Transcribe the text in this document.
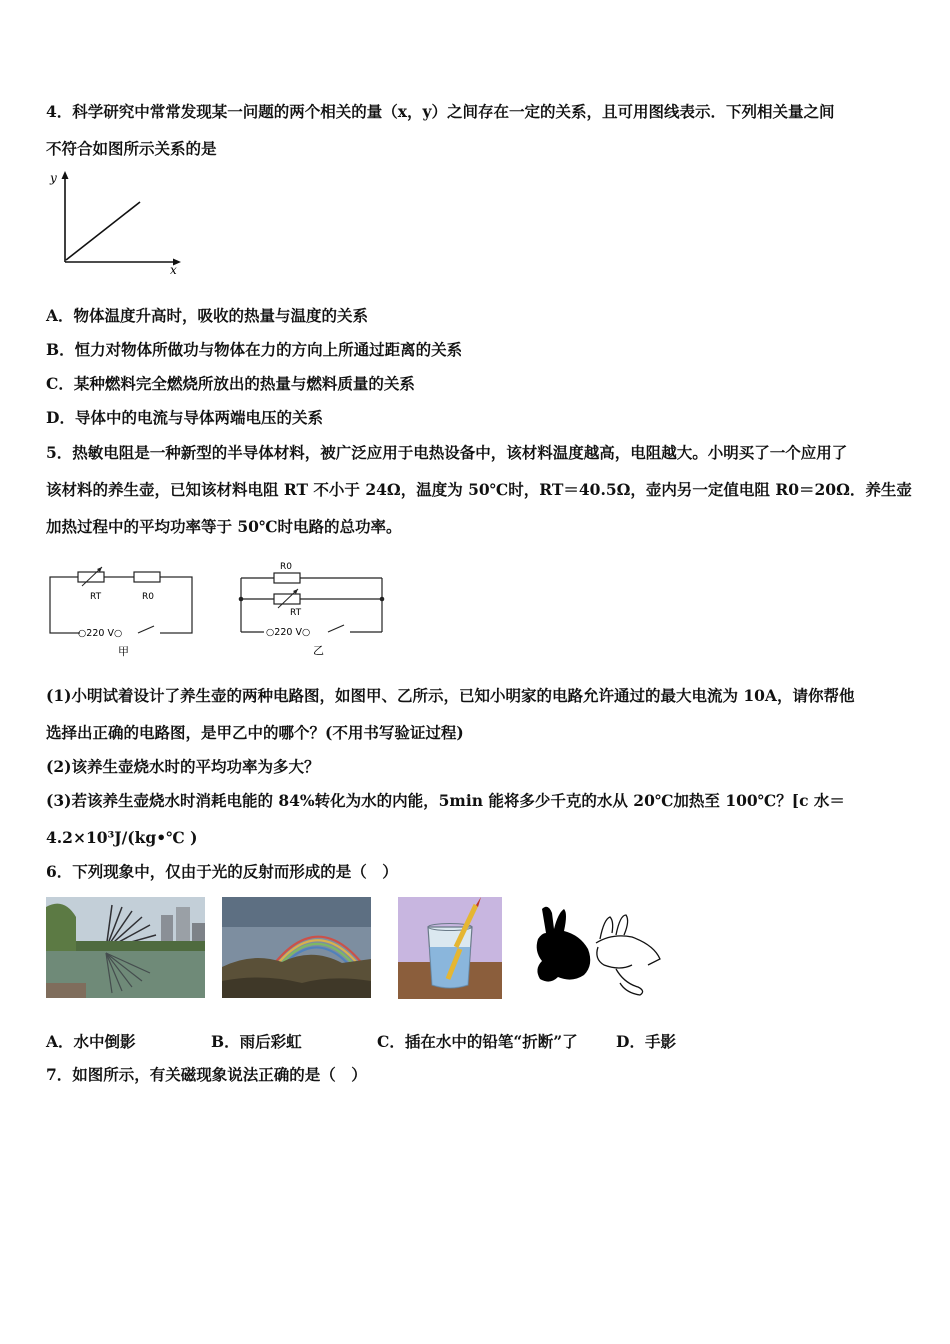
4．科学研究中常常发现某一问题的两个相关的量（x，y）之间存在一定的关系，且可用图线表示．下列相关量之间
不符合如图所示关系的是
y
x
A．物体温度升高时，吸收的热量与温度的关系
B．恒力对物体所做功与物体在力的方向上所通过距离的关系
C．某种燃料完全燃烧所放出的热量与燃料质量的关系
D．导体中的电流与导体两端电压的关系
5．热敏电阻是一种新型的半导体材料，被广泛应用于电热设备中，该材料温度越高，电阻越大。小明买了一个应用了
该材料的养生壶，已知该材料电阻 RT 不小于 24Ω，温度为 50℃时，RT＝40.5Ω，壶内另一定值电阻 R0＝20Ω．养生壶
加热过程中的平均功率等于 50℃时电路的总功率。
RT	R0
○220 V○
甲
R0
RT
○220 V○
乙
(1)小明试着设计了养生壶的两种电路图，如图甲、乙所示，已知小明家的电路允许通过的最大电流为 10A，请你帮他
选择出正确的电路图，是甲乙中的哪个？(不用书写验证过程)
(2)该养生壶烧水时的平均功率为多大？
(3)若该养生壶烧水时消耗电能的 84%转化为水的内能，5min 能将多少千克的水从 20℃加热至 100℃？[c 水＝
4.2×10³J/(kg•℃ )
6．下列现象中，仅由于光的反射而形成的是（　）
A．水中倒影	B．雨后彩虹	C．插在水中的铅笔“折断”了 D．手影
7．如图所示，有关磁现象说法正确的是（　）
